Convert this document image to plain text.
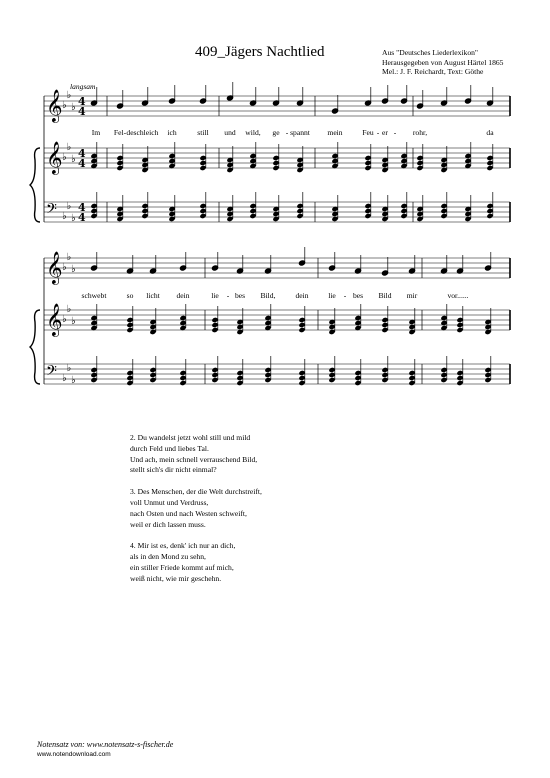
409_Jägers Nachtlied	Aus "Deutsches Liederlexikon"
Herausgegeben von August Härtel 1865
Mel.: J. F. Reichardt, Text: Göthe
langsam
𝄞 ♭
♭
♭ 4
4
𝄞 ♭
♭
♭ 4
4
𝄢 ♭
♭
♭
4
4
𝄞 ♭
♭
♭
𝄞 ♭
♭
♭
𝄢 ♭
♭
♭
Im Fel- de schleich ich	still und wild, ge - spannt mein	Feu - er - rohr,	da
schwebt	so licht dein	lie - bes Bild,	dein	lie - bes Bild mir	vor......
2. Du wandelst jetzt wohl still und mild
durch Feld und liebes Tal.
Und ach, mein schnell verrauschend Bild,
stellt sich's dir nicht einmal?
3. Des Menschen, der die Welt durchstreift,
voll Unmut und Verdruss,
nach Osten und nach Westen schweift,
weil er dich lassen muss.
4. Mir ist es, denk' ich nur an dich,
als in den Mond zu sehn,
ein stiller Friede kommt auf mich,
weiß nicht, wie mir geschehn.
Notensatz von: www.notensatz-s-fischer.de
www.notendownload.com
